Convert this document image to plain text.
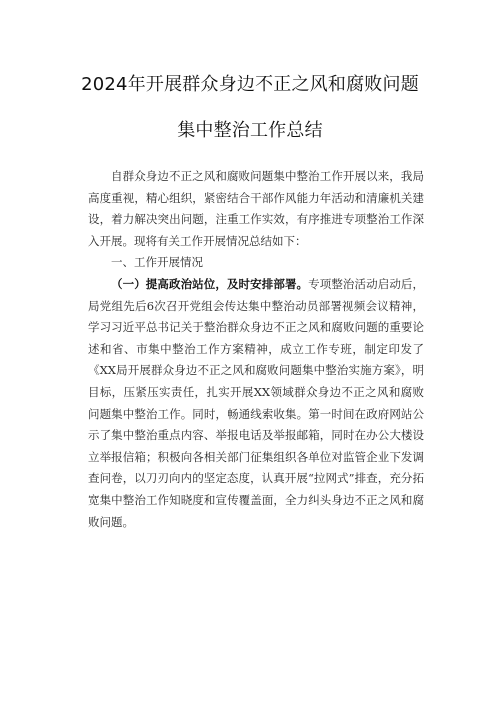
2024年开展群众身边不正之风和腐败问题
集中整治工作总结

自群众身边不正之风和腐败问题集中整治工作开展以来，我局高度重视，精心组织，紧密结合干部作风能力年活动和清廉机关建设，着力解决突出问题，注重工作实效，有序推进专项整治工作深入开展。现将有关工作开展情况总结如下：

一、工作开展情况

（一）提高政治站位，及时安排部署。专项整治活动启动后，局党组先后6次召开党组会传达集中整治动员部署视频会议精神，学习习近平总书记关于整治群众身边不正之风和腐败问题的重要论述和省、市集中整治工作方案精神，成立工作专班，制定印发了《XX局开展群众身边不正之风和腐败问题集中整治实施方案》，明目标，压紧压实责任，扎实开展XX领域群众身边不正之风和腐败问题集中整治工作。同时，畅通线索收集。第一时间在政府网站公示了集中整治重点内容、举报电话及举报邮箱，同时在办公大楼设立举报信箱；积极向各相关部门征集组织各单位对监管企业下发调查问卷，以刀刃向内的坚定态度，认真开展“拉网式”排查，充分拓宽集中整治工作知晓度和宣传覆盖面，全力纠头身边不正之风和腐败问题。
